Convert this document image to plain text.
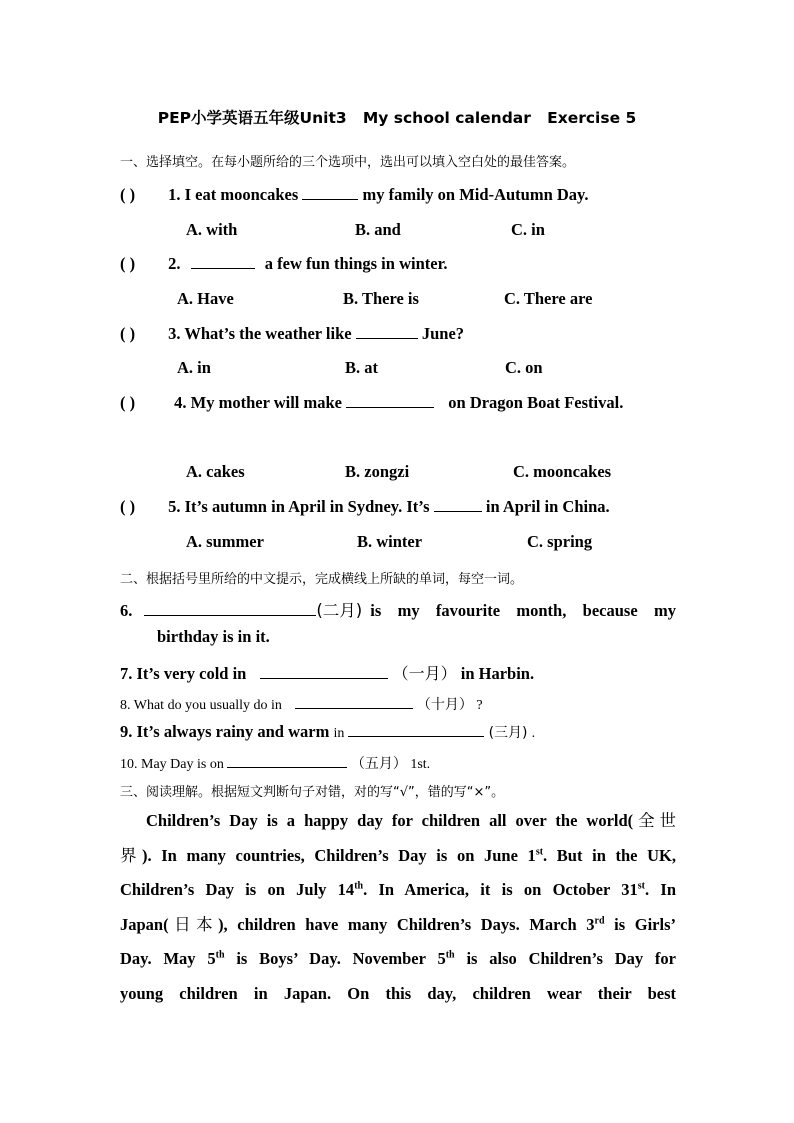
PEP小学英语五年级Unit3   My school calendar   Exercise 5
一、选择填空。在每小题所给的三个选项中，选出可以填入空白处的最佳答案。
( ) 1. I eat mooncakes	my family on Mid-Autumn Day.
A. with	B. and	C. in
( ) 2.	a few fun things in winter.
A. Have	B. There is	C. There are
( ) 3. What’s the weather like	June?
A. in	B. at	C. on
( ) 4. My mother will make	on Dragon Boat Festival.
A. cakes	B. zongzi	C. mooncakes
( ) 5. It’s autumn in April in Sydney. It’s	in April in China.
A. summer	B. winter	C. spring
二、根据括号里所给的中文提示，完成横线上所缺的单词，每空一词。
6.	(二月) is my favourite month, because my
birthday is in it.
7. It’s very cold in	（一月） in Harbin.
8. What do you usually do in	（十月） ?
9. It’s always rainy and warm in	(三月) .
10. May Day is on	（五月） 1st.
三、阅读理解。根据短文判断句子对错，对的写“√”，错的写“×”。
Children’s Day is a happy day for children all over the world(全世
界). In many countries, Children’s Day is on June 1st. But in the UK,
Children’s Day is on July 14th. In America, it is on October 31st. In
Japan(日本), children have many Children’s Days. March 3rd is Girls’
Day. May 5th is Boys’ Day. November 5th is also Children’s Day for
young children in Japan. On this day, children wear their best
